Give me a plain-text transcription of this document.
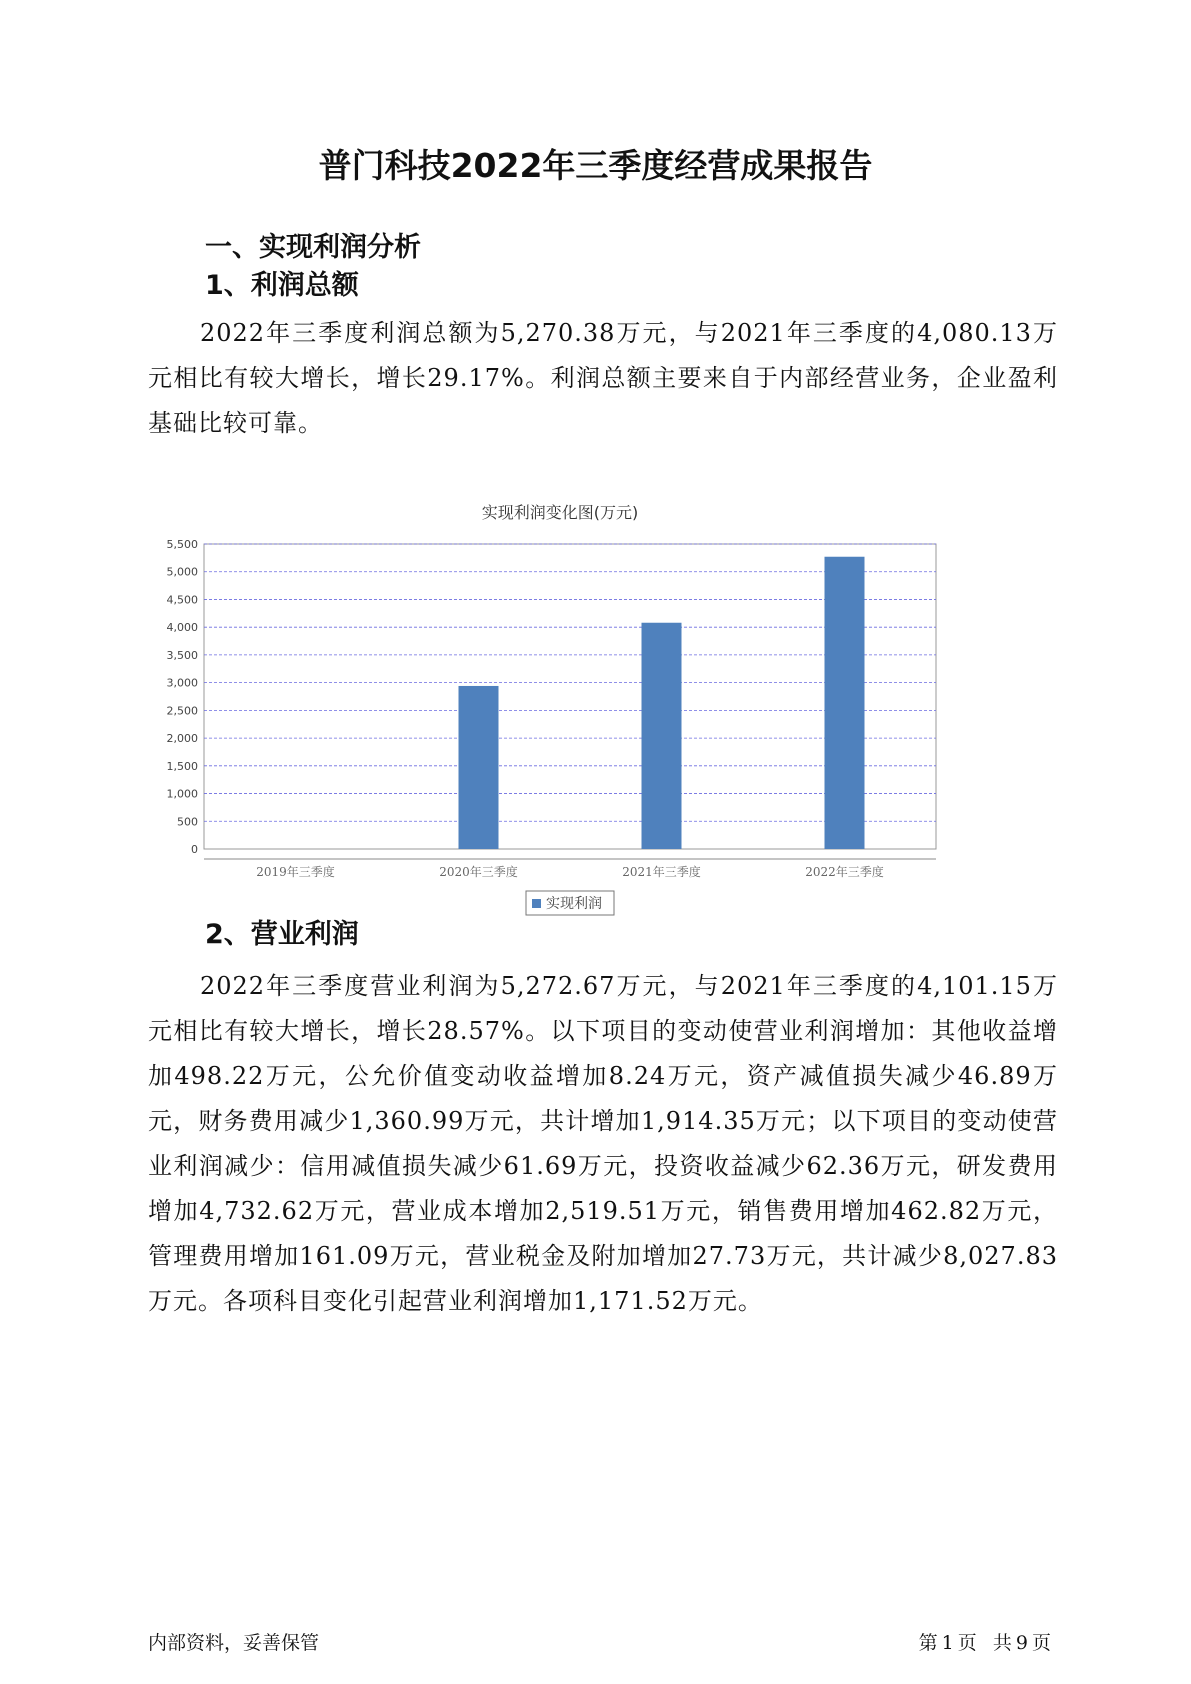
普门科技2022年三季度经营成果报告
一、实现利润分析
1、利润总额
2022年三季度利润总额为5,270.38万元，与2021年三季度的4,080.13万元相比有较大增长，增长29.17%。利润总额主要来自于内部经营业务，企业盈利基础比较可靠。
实现利润变化图(万元)
0
500
1,000
1,500
2,000
2,500
3,000
3,500
4,000
4,500
5,000
5,500
2019年三季度	2020年三季度	2021年三季度	2022年三季度
实现利润
2、营业利润
2022年三季度营业利润为5,272.67万元，与2021年三季度的4,101.15万元相比有较大增长，增长28.57%。以下项目的变动使营业利润增加：其他收益增加498.22万元，公允价值变动收益增加8.24万元，资产减值损失减少46.89万元，财务费用减少1,360.99万元，共计增加1,914.35万元；以下项目的变动使营业利润减少：信用减值损失减少61.69万元，投资收益减少62.36万元，研发费用增加4,732.62万元，营业成本增加2,519.51万元，销售费用增加462.82万元，管理费用增加161.09万元，营业税金及附加增加27.73万元，共计减少8,027.83万元。各项科目变化引起营业利润增加1,171.52万元。
内部资料，妥善保管	第 1 页 共 9 页
